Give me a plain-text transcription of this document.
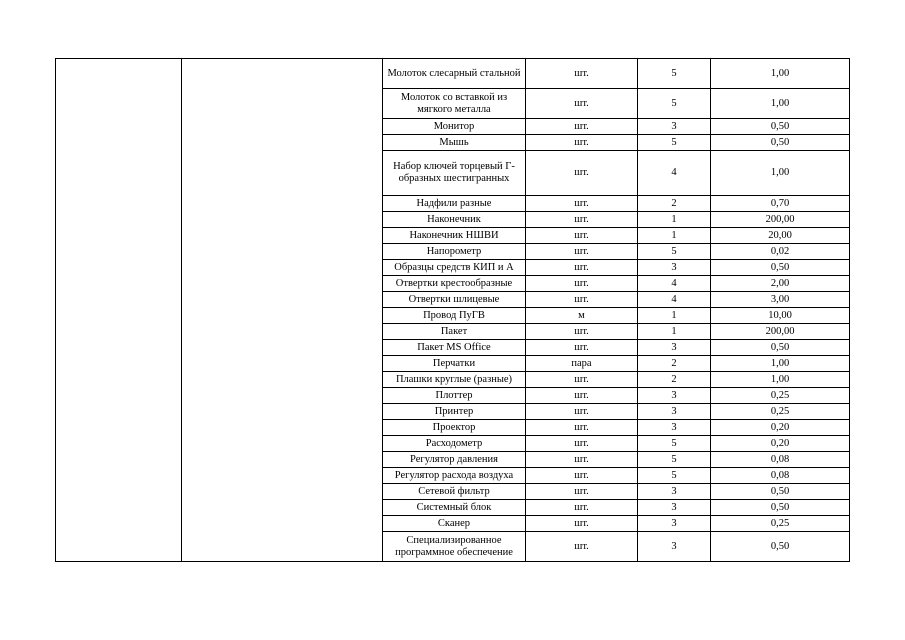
		Молоток слесарный стальной	шт.	5	1,00
		Молоток со вставкой из мягкого металла	шт.	5	1,00
		Монитор	шт.	3	0,50
		Мышь	шт.	5	0,50
		Набор ключей торцевый Г-образных шестигранных	шт.	4	1,00
		Надфили разные	шт.	2	0,70
		Наконечник	шт.	1	200,00
		Наконечник НШВИ	шт.	1	20,00
		Напорометр	шт.	5	0,02
		Образцы средств КИП и А	шт.	3	0,50
		Отвертки крестообразные	шт.	4	2,00
		Отвертки шлицевые	шт.	4	3,00
		Провод ПуГВ	м	1	10,00
		Пакет	шт.	1	200,00
		Пакет MS Office	шт.	3	0,50
		Перчатки	пара	2	1,00
		Плашки круглые (разные)	шт.	2	1,00
		Плоттер	шт.	3	0,25
		Принтер	шт.	3	0,25
		Проектор	шт.	3	0,20
		Расходометр	шт.	5	0,20
		Регулятор давления	шт.	5	0,08
		Регулятор расхода воздуха	шт.	5	0,08
		Сетевой фильтр	шт.	3	0,50
		Системный блок	шт.	3	0,50
		Сканер	шт.	3	0,25
		Специализированное программное обеспечение	шт.	3	0,50
